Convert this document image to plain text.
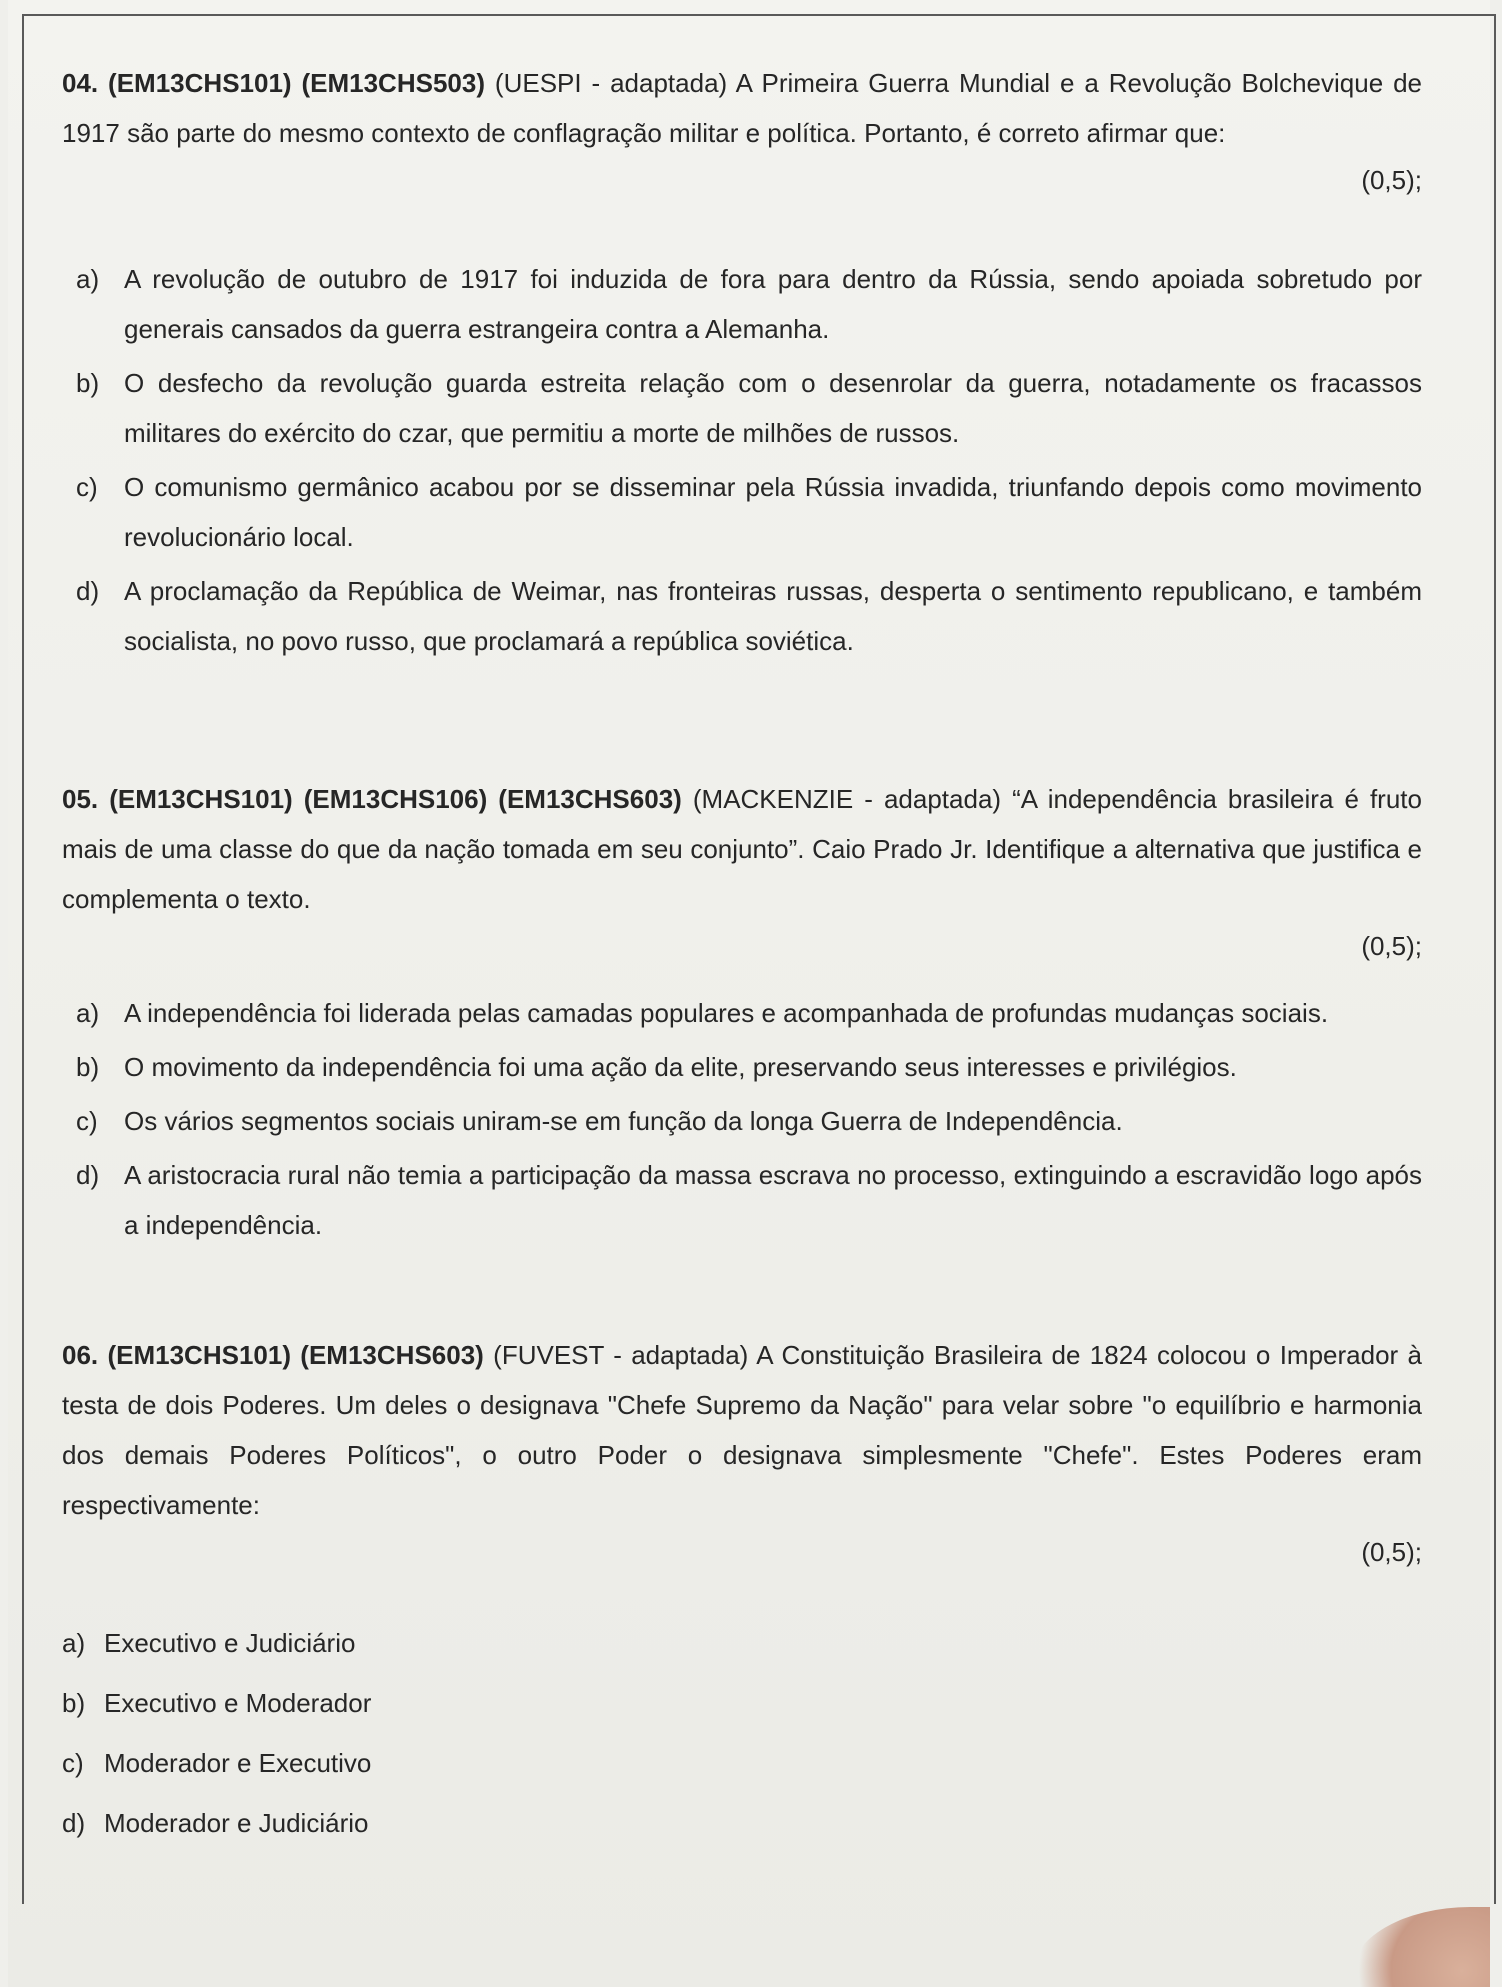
04. (EM13CHS101) (EM13CHS503) (UESPI - adaptada) A Primeira Guerra Mundial e a Revolução Bolchevique de 1917 são parte do mesmo contexto de conflagração militar e política. Portanto, é correto afirmar que:

(0,5);

a) A revolução de outubro de 1917 foi induzida de fora para dentro da Rússia, sendo apoiada sobretudo por generais cansados da guerra estrangeira contra a Alemanha.
b) O desfecho da revolução guarda estreita relação com o desenrolar da guerra, notadamente os fracassos militares do exército do czar, que permitiu a morte de milhões de russos.
c)	O comunismo germânico acabou por se disseminar pela Rússia invadida, triunfando depois como movimento revolucionário local.
d) A proclamação da República de Weimar, nas fronteiras russas, desperta o sentimento republicano, e também socialista, no povo russo, que proclamará a república soviética.

05. (EM13CHS101) (EM13CHS106) (EM13CHS603) (MACKENZIE - adaptada) “A independência brasileira é fruto mais de uma classe do que da nação tomada em seu conjunto”. Caio Prado Jr. Identifique a alternativa que justifica e complementa o texto.

(0,5);

a) A independência foi liderada pelas camadas populares e acompanhada de profundas mudanças sociais.
b) O movimento da independência foi uma ação da elite, preservando seus interesses e privilégios.
c)	Os vários segmentos sociais uniram-se em função da longa Guerra de Independência.
d) A aristocracia rural não temia a participação da massa escrava no processo, extinguindo a escravidão logo após a independência.

06. (EM13CHS101) (EM13CHS603) (FUVEST - adaptada) A Constituição Brasileira de 1824 colocou o Imperador à testa de dois Poderes. Um deles o designava "Chefe Supremo da Nação" para velar sobre "o equilíbrio e harmonia dos demais Poderes Políticos", o outro Poder o designava simplesmente "Chefe". Estes Poderes eram respectivamente:

(0,5);

a) Executivo e Judiciário
b) Executivo e Moderador
c) Moderador e Executivo
d) Moderador e Judiciário
